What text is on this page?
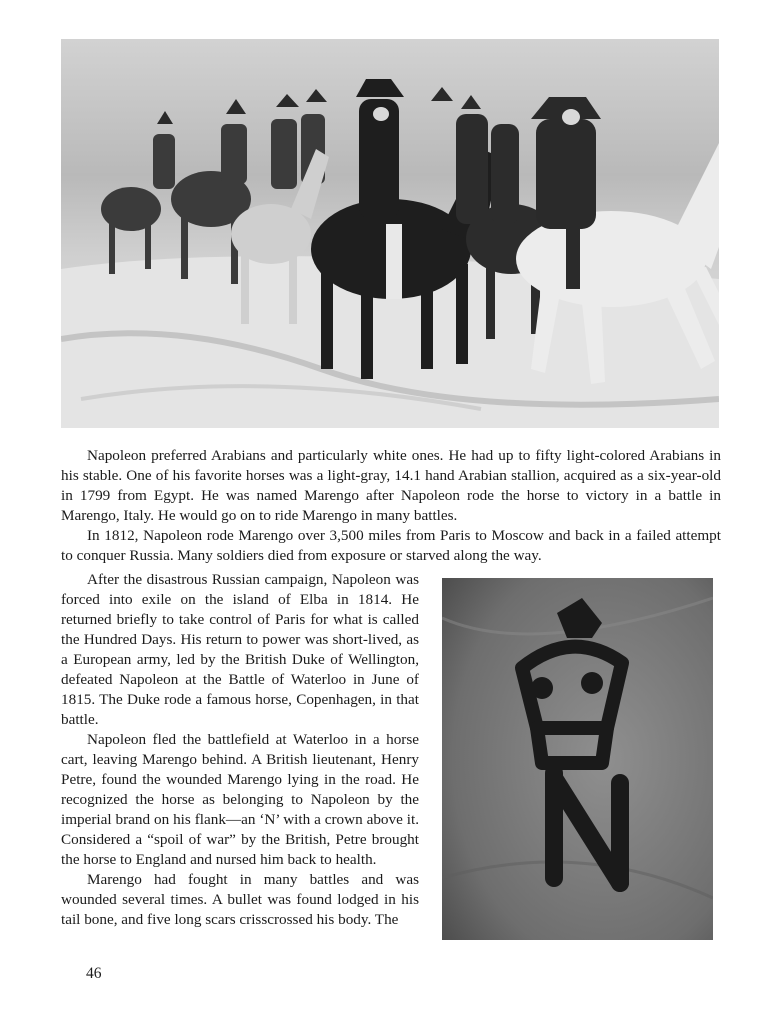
Napoleon preferred Arabians and particularly white ones. He had up to fifty light-colored Arabians in his stable. One of his favorite horses was a light-gray, 14.1 hand Arabian stallion, acquired as a six-year-old in 1799 from Egypt. He was named Marengo after Napoleon rode the horse to victory in a battle in Marengo, Italy. He would go on to ride Marengo in many battles.

In 1812, Napoleon rode Marengo over 3,500 miles from Paris to Moscow and back in a failed attempt to conquer Russia. Many soldiers died from exposure or starved along the way.

After the disastrous Russian campaign, Napoleon was forced into exile on the island of Elba in 1814. He returned briefly to take control of Paris for what is called the Hundred Days. His return to power was short-lived, as a European army, led by the British Duke of Wellington, defeated Napoleon at the Battle of Waterloo in June of 1815. The Duke rode a famous horse, Copenhagen, in that battle.

Napoleon fled the battlefield at Waterloo in a horse cart, leaving Marengo behind. A British lieutenant, Henry Petre, found the wounded Marengo lying in the road. He recognized the horse as belonging to Napoleon by the imperial brand on his flank—an ‘N’ with a crown above it. Considered a “spoil of war” by the British, Petre brought the horse to England and nursed him back to health.

Marengo had fought in many battles and was wounded several times. A bullet was found lodged in his tail bone, and five long scars crisscrossed his body. The

46
